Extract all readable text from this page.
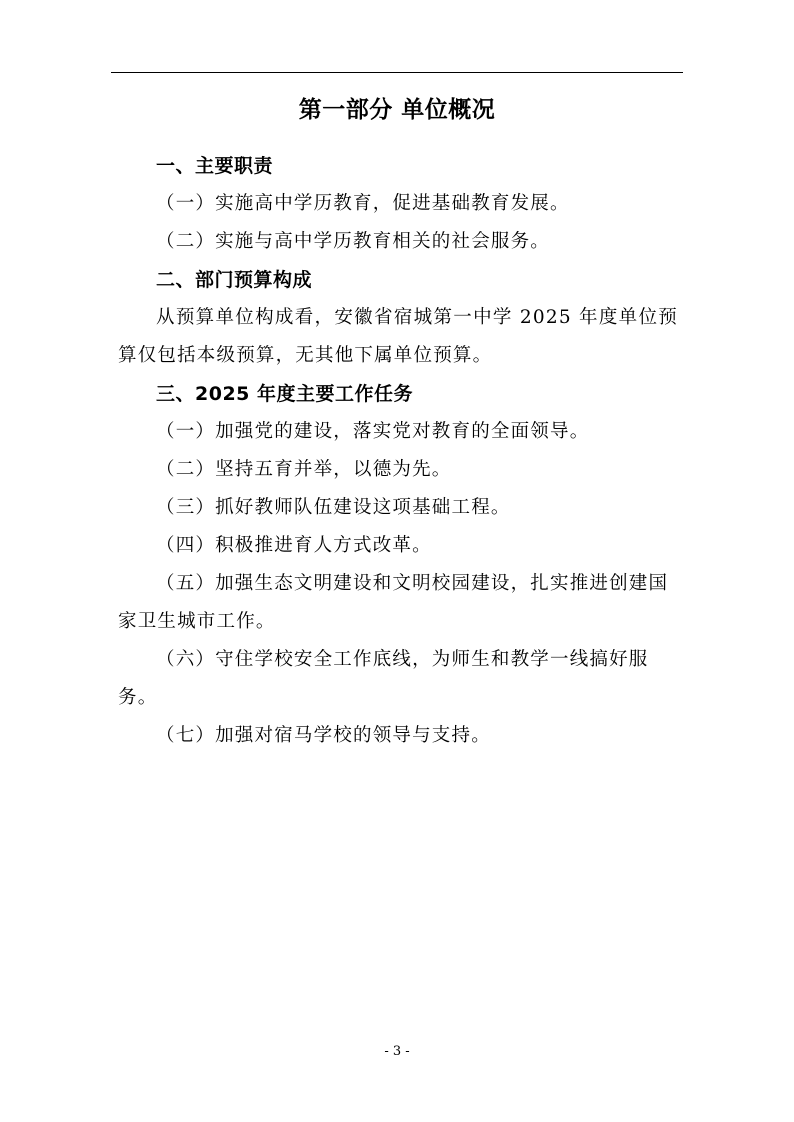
第一部分 单位概况
一、主要职责
（一）实施高中学历教育，促进基础教育发展。
（二）实施与高中学历教育相关的社会服务。
二、部门预算构成

从预算单位构成看，安徽省宿城第一中学 2025 年度单位预算仅包括本级预算，无其他下属单位预算。

三、2025 年度主要工作任务
（一）加强党的建设，落实党对教育的全面领导。
（二）坚持五育并举，以德为先。
（三）抓好教师队伍建设这项基础工程。
（四）积极推进育人方式改革。
（五）加强生态文明建设和文明校园建设，扎实推进创建国家卫生城市工作。
（六）守住学校安全工作底线，为师生和教学一线搞好服务。
（七）加强对宿马学校的领导与支持。
- 3 -
